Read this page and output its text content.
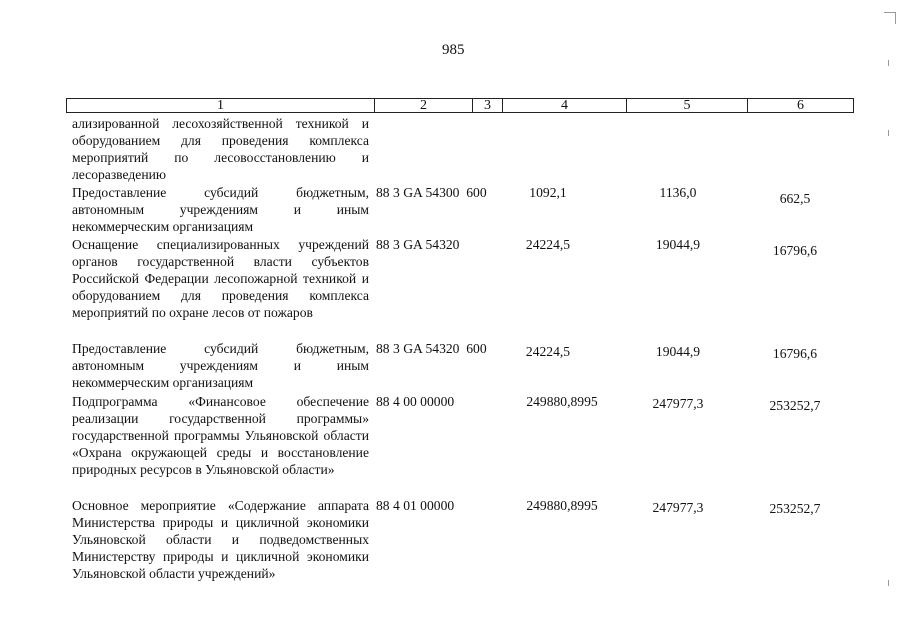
985
1	2	3	4	5	6
ализированной лесохозяйственной техникой и оборудованием для проведения комплекса мероприятий по лесовосстановлению и лесоразведению
Предоставление субсидий бюджетным, автономным учреждениям и иным некоммерческим организациям
88 3 GA 54300  600	1092,1	1136,0	662,5
Оснащение специализированных учреждений органов государственной власти субъектов Российской Федерации лесопожарной техникой и оборудованием для проведения комплекса мероприятий по охране лесов от пожаров
88 3 GA 54320	24224,5	19044,9	16796,6
Предоставление субсидий бюджетным, автономным учреждениям и иным некоммерческим организациям
88 3 GA 54320  600	24224,5	19044,9	16796,6
Подпрограмма «Финансовое обеспечение реализации государственной программы» государственной программы Ульяновской области «Охрана окружающей среды и восстановление природных ресурсов в Ульяновской области»
88 4 00 00000	249880,8995	247977,3	253252,7
Основное мероприятие «Содержание аппарата Министерства природы и цикличной экономики Ульяновской области и подведомственных Министерству природы и цикличной экономики Ульяновской области учреждений»
88 4 01 00000	249880,8995	247977,3	253252,7
